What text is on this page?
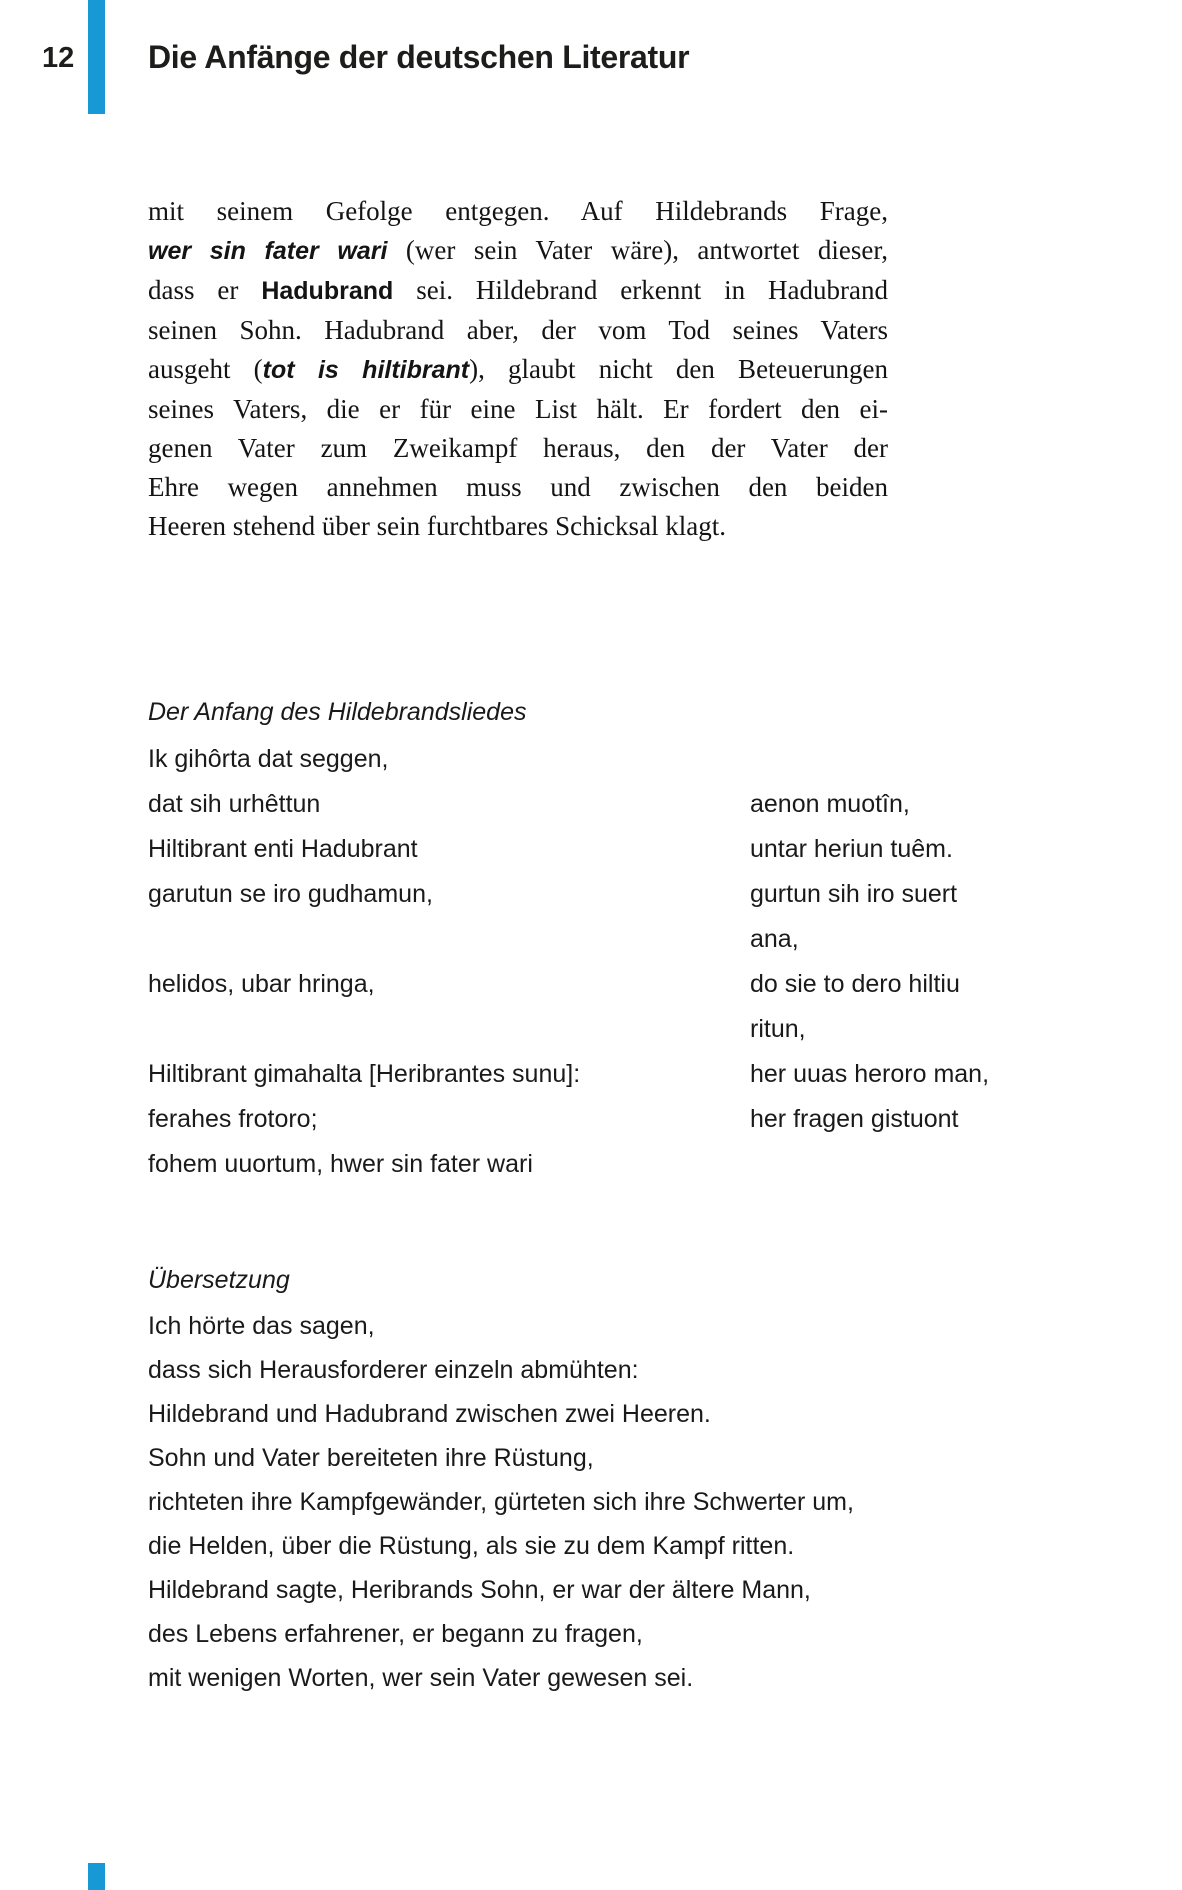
12 Die Anfänge der deutschen Literatur
mit seinem Gefolge entgegen. Auf Hildebrands Frage,
wer sin fater wari (wer sein Vater wäre), antwortet dieser,
dass er Hadubrand sei. Hildebrand erkennt in Hadubrand
seinen Sohn. Hadubrand aber, der vom Tod seines Vaters
ausgeht (tot is hiltibrant), glaubt nicht den Beteuerungen
seines Vaters, die er für eine List hält. Er fordert den ei-
genen Vater zum Zweikampf heraus, den der Vater der
Ehre wegen annehmen muss und zwischen den beiden
Heeren stehend über sein furchtbares Schicksal klagt.
Der Anfang des Hildebrandsliedes
Ik gihôrta dat seggen,
dat sih urhêttun	aenon muotîn,
Hiltibrant enti Hadubrant	untar heriun tuêm.
garutun se iro gudhamun,	gurtun sih iro suert
ana,
helidos, ubar hringa,	do sie to dero hiltiu
ritun,
Hiltibrant gimahalta [Heribrantes sunu]:	her uuas heroro man,
ferahes frotoro;	her fragen gistuont
fohem uuortum, hwer sin fater wari
Übersetzung
Ich hörte das sagen,
dass sich Herausforderer einzeln abmühten:
Hildebrand und Hadubrand zwischen zwei Heeren.
Sohn und Vater bereiteten ihre Rüstung,
richteten ihre Kampfgewänder, gürteten sich ihre Schwerter um,
die Helden, über die Rüstung, als sie zu dem Kampf ritten.
Hildebrand sagte, Heribrands Sohn, er war der ältere Mann,
des Lebens erfahrener, er begann zu fragen,
mit wenigen Worten, wer sein Vater gewesen sei.
